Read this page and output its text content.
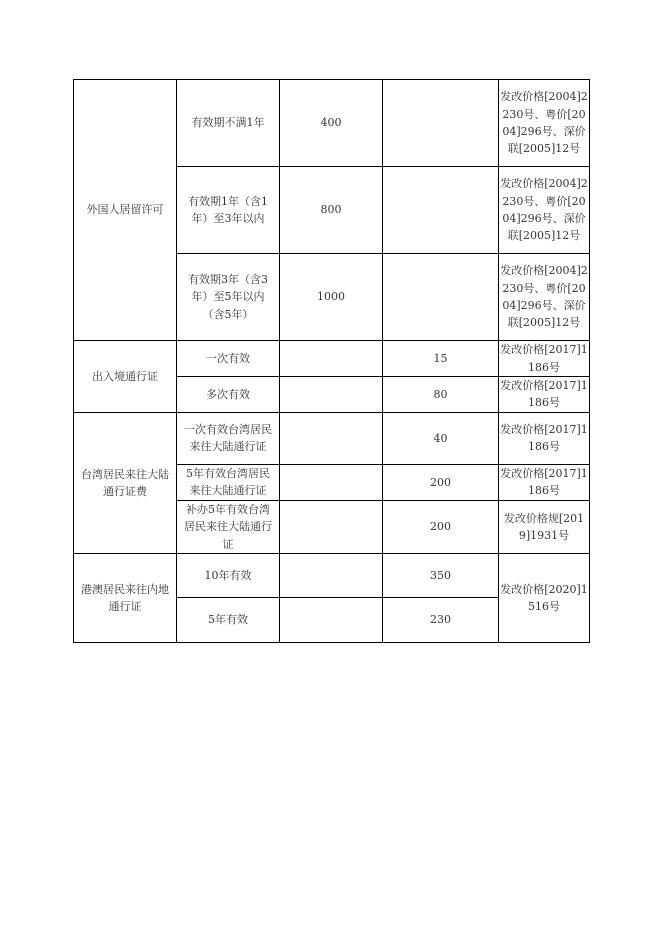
外国人居留许可	有效期不满1年	400		发改价格[2004]2230号、粤价[2004]296号、深价联[2005]12号
	有效期1年（含1年）至3年以内	800		发改价格[2004]2230号、粤价[2004]296号、深价联[2005]12号
	有效期3年（含3年）至5年以内（含5年）	1000		发改价格[2004]2230号、粤价[2004]296号、深价联[2005]12号
出入境通行证	一次有效		15	发改价格[2017]1186号
	多次有效		80	发改价格[2017]1186号
台湾居民来往大陆通行证费	一次有效台湾居民来往大陆通行证		40	发改价格[2017]1186号
	5年有效台湾居民来往大陆通行证		200	发改价格[2017]1186号
	补办5年有效台湾居民来往大陆通行证		200	发改价格规[2019]1931号
港澳居民来往内地通行证	10年有效		350	发改价格[2020]1516号
	5年有效		230	
